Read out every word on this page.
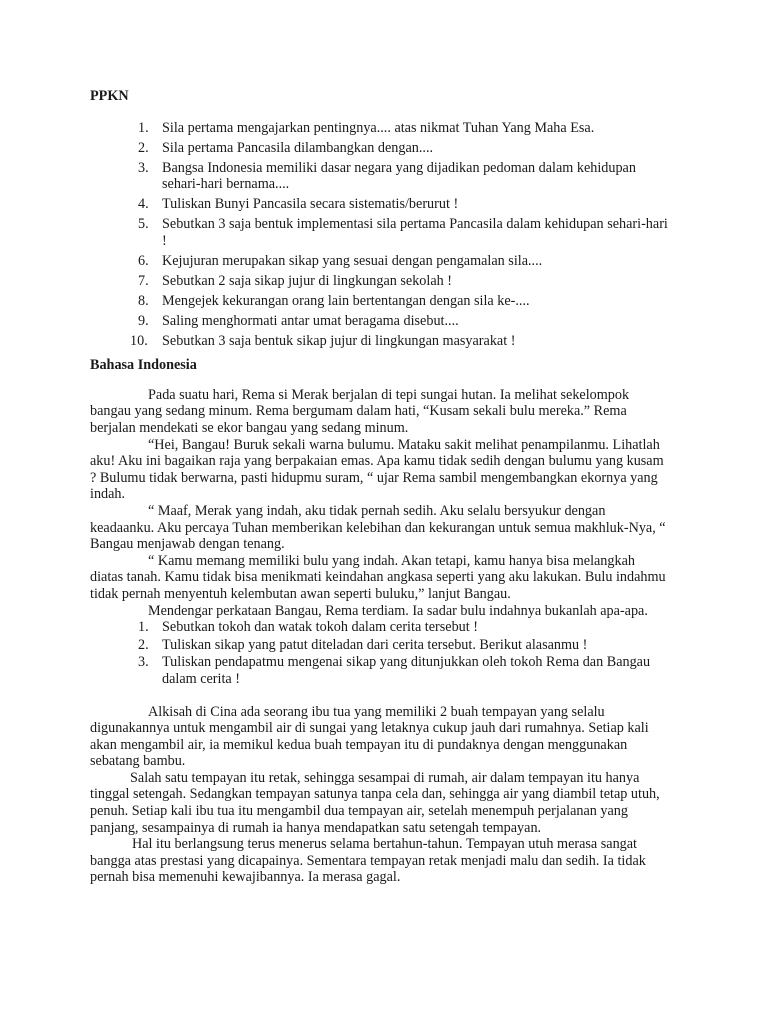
PPKN

1. Sila pertama mengajarkan pentingnya.... atas nikmat Tuhan Yang Maha Esa.
2. Sila pertama Pancasila dilambangkan dengan....
3. Bangsa Indonesia memiliki dasar negara yang dijadikan pedoman dalam kehidupan sehari-hari bernama....
4. Tuliskan Bunyi Pancasila secara sistematis/berurut !
5. Sebutkan 3 saja bentuk implementasi sila pertama Pancasila dalam kehidupan sehari-hari !
6. Kejujuran merupakan sikap yang sesuai dengan pengamalan sila....
7. Sebutkan 2 saja sikap jujur di lingkungan sekolah !
8. Mengejek kekurangan orang lain bertentangan dengan sila ke-....
9. Saling menghormati antar umat beragama disebut....
10. Sebutkan 3 saja bentuk sikap jujur di lingkungan masyarakat !

Bahasa Indonesia

Pada suatu hari, Rema si Merak berjalan di tepi sungai hutan. Ia melihat sekelompok bangau yang sedang minum. Rema bergumam dalam hati, “Kusam sekali bulu mereka.” Rema berjalan mendekati se ekor bangau yang sedang minum.

“Hei, Bangau! Buruk sekali warna bulumu. Mataku sakit melihat penampilanmu. Lihatlah aku! Aku ini bagaikan raja yang berpakaian emas. Apa kamu tidak sedih dengan bulumu yang kusam ? Bulumu tidak berwarna, pasti hidupmu suram, “ ujar Rema sambil mengembangkan ekornya yang indah.

“ Maaf, Merak yang indah, aku tidak pernah sedih. Aku selalu bersyukur dengan keadaanku. Aku percaya Tuhan memberikan kelebihan dan kekurangan untuk semua makhluk-Nya, “ Bangau menjawab dengan tenang.

“ Kamu memang memiliki bulu yang indah. Akan tetapi, kamu hanya bisa melangkah diatas tanah. Kamu tidak bisa menikmati keindahan angkasa seperti yang aku lakukan. Bulu indahmu tidak pernah menyentuh kelembutan awan seperti buluku,” lanjut Bangau.

Mendengar perkataan Bangau, Rema terdiam. Ia sadar bulu indahnya bukanlah apa-apa.

1. Sebutkan tokoh dan watak tokoh dalam cerita tersebut !
2. Tuliskan sikap yang patut diteladan dari cerita tersebut. Berikut alasanmu !
3. Tuliskan pendapatmu mengenai sikap yang ditunjukkan oleh tokoh Rema dan Bangau dalam cerita !

Alkisah di Cina ada seorang ibu tua yang memiliki 2 buah tempayan yang selalu digunakannya untuk mengambil air di sungai yang letaknya cukup jauh dari rumahnya. Setiap kali akan mengambil air, ia memikul kedua buah tempayan itu di pundaknya dengan menggunakan sebatang bambu.

Salah satu tempayan itu retak, sehingga sesampai di rumah, air dalam tempayan itu hanya tinggal setengah. Sedangkan tempayan satunya tanpa cela dan, sehingga air yang diambil tetap utuh, penuh. Setiap kali ibu tua itu mengambil dua tempayan air, setelah menempuh perjalanan yang panjang, sesampainya di rumah ia hanya mendapatkan satu setengah tempayan.

Hal itu berlangsung terus menerus selama bertahun-tahun. Tempayan utuh merasa sangat bangga atas prestasi yang dicapainya. Sementara tempayan retak menjadi malu dan sedih. Ia tidak pernah bisa memenuhi kewajibannya. Ia merasa gagal.
